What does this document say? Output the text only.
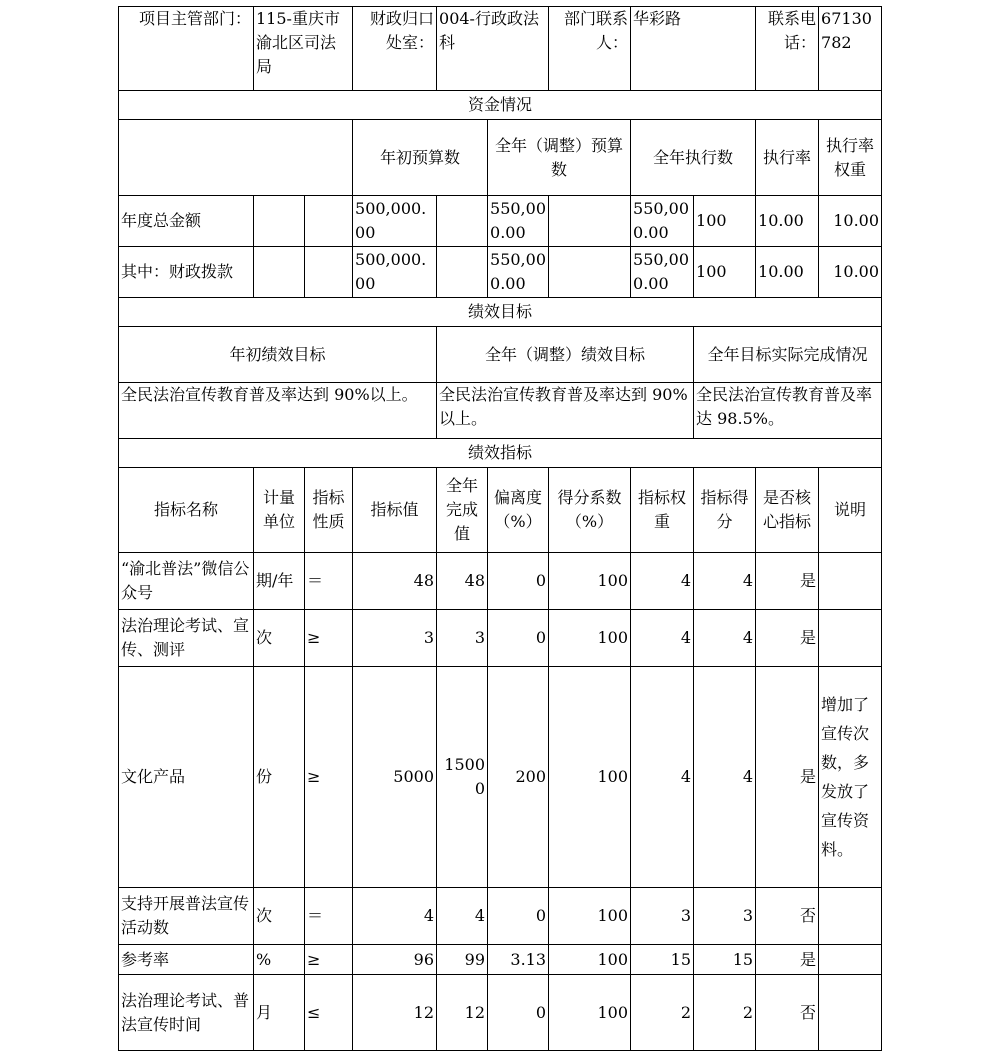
项目主管部门：	115-重庆市渝北区司法局		财政归口处室：	004-行政政法科		部门联系人：	华彩路		联系电话：	67130782
资金情况										
			年初预算数		全年（调整）预算数		全年执行数		执行率	执行率权重
年度总金额			500,000.00		550,000.00		550,000.00	100	10.00	10.00
其中：财政拨款			500,000.00		550,000.00		550,000.00	100	10.00	10.00
绩效目标										
年初绩效目标				全年（调整）绩效目标				全年目标实际完成情况		
全民法治宣传教育普及率达到 90%以上。				全民法治宣传教育普及率达到 90%以上。				全民法治宣传教育普及率达 98.5%。		
绩效指标										
指标名称	计量单位	指标性质	指标值	全年完成值	偏离度（%）	得分系数（%）	指标权重	指标得分	是否核心指标	说明
“渝北普法”微信公众号	期/年	＝	48	48	0	100	4	4	是	
法治理论考试、宣传、测评	次	≥	3	3	0	100	4	4	是	
文化产品	份	≥	5000	15000	200	100	4	4	是	增加了宣传次数，多发放了宣传资料。
支持开展普法宣传活动数	次	＝	4	4	0	100	3	3	否	
参考率	%	≥	96	99	3.13	100	15	15	是	
法治理论考试、普法宣传时间	月	≤	12	12	0	100	2	2	否	
